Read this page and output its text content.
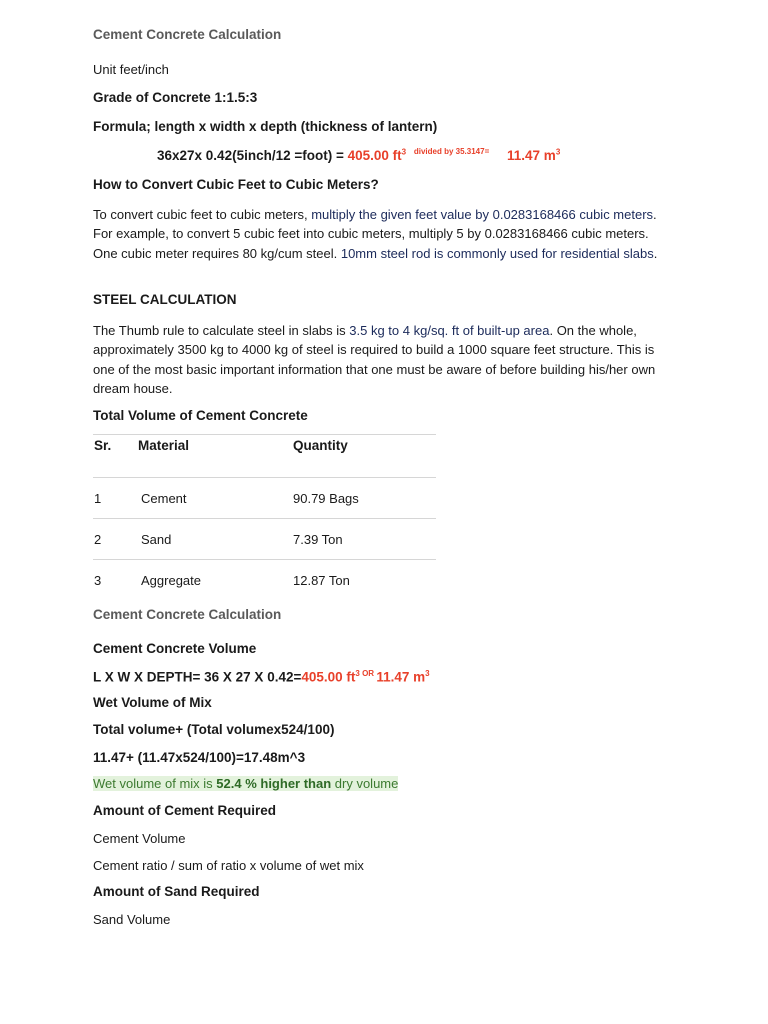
Cement Concrete Calculation
Unit feet/inch
Grade of Concrete 1:1.5:3
Formula; length x width x depth (thickness of lantern)
36x27x 0.42(5inch/12 =foot) = 405.00 $ft^3$ $^{divided by 35.3147=}$ 11.47 $m^3$
How to Convert Cubic Feet to Cubic Meters?
To convert cubic feet to cubic meters, multiply the given feet value by 0.0283168466 cubic meters. For example, to convert 5 cubic feet into cubic meters, multiply 5 by 0.0283168466 cubic meters. One cubic meter requires 80 kg/cum steel. 10mm steel rod is commonly used for residential slabs.
STEEL CALCULATION
The Thumb rule to calculate steel in slabs is 3.5 kg to 4 kg/sq. ft of built-up area. On the whole, approximately 3500 kg to 4000 kg of steel is required to build a 1000 square feet structure. This is one of the most basic important information that one must be aware of before building his/her own dream house.
Total Volume of Cement Concrete
Sr.	Material	Quantity
1	Cement	90.79 Bags
2	Sand	7.39 Ton
3	Aggregate	12.87 Ton
Cement Concrete Calculation
Cement Concrete Volume
L X W X DEPTH= 36 X 27 X 0.42=405.00 $ft^{3 OR}$ 11.47 $m^3$
Wet Volume of Mix
Total volume+ (Total volumex524/100)
11.47+ (11.47x524/100)=17.48m^3
Wet volume of mix is 52.4 % higher than dry volume
Amount of Cement Required
Cement Volume
Cement ratio / sum of ratio x volume of wet mix
Amount of Sand Required
Sand Volume
